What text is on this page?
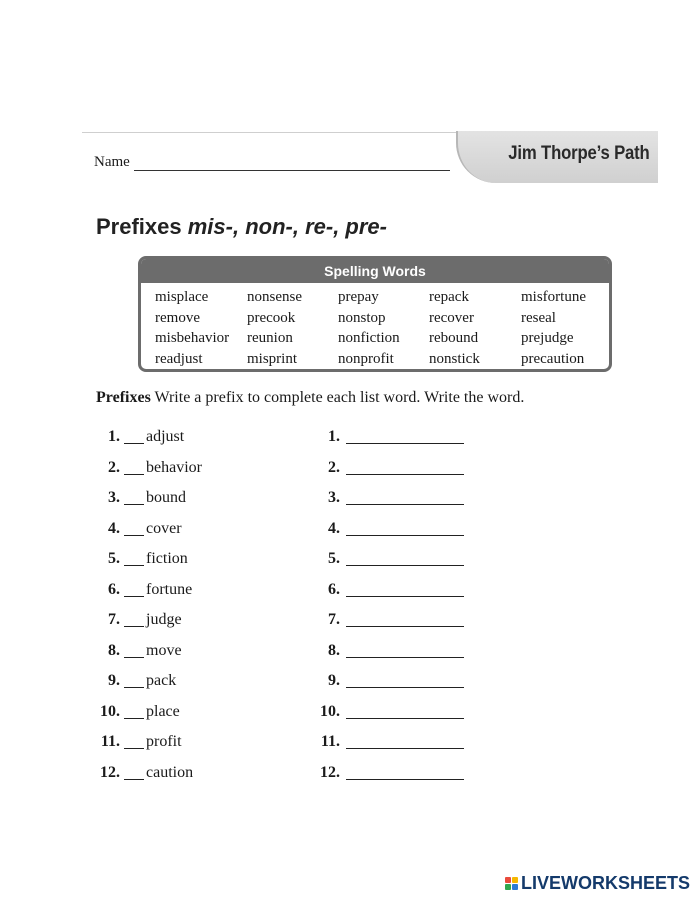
Jim Thorpe’s Path
Name
Prefixes mis-, non-, re-, pre-
Spelling Words
misplace	nonsense	prepay	repack	misfortune
remove	precook	nonstop	recover	reseal
misbehavior	reunion	nonfiction	rebound	prejudge
readjust	misprint	nonprofit	nonstick	precaution
Prefixes Write a prefix to complete each list word. Write the word.
1. adjust	1.
2. behavior	2.
3. bound	3.
4. cover	4.
5. fiction	5.
6. fortune	6.
7. judge	7.
8. move	8.
9. pack	9.
10. place	10.
11. profit	11.
12. caution	12.
LIVEWORKSHEETS
